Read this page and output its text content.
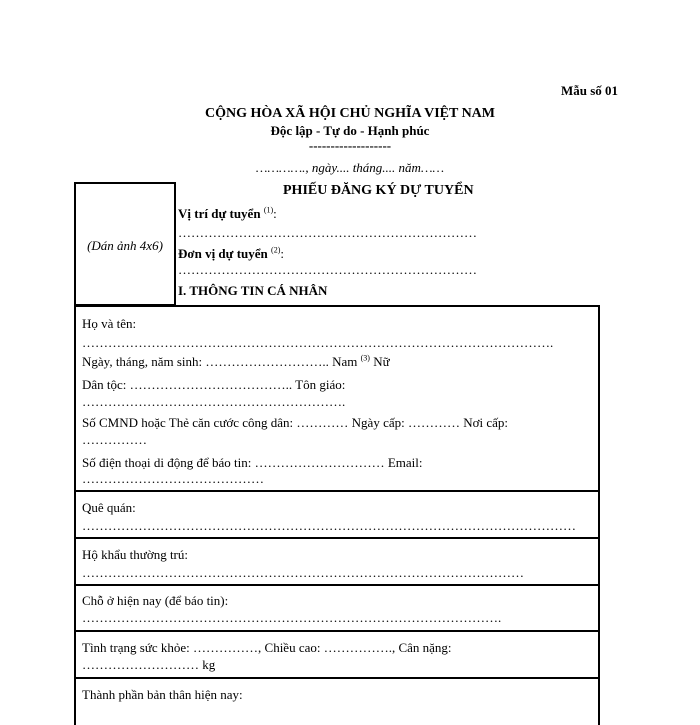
Mẫu số 01
CỘNG HÒA XÃ HỘI CHỦ NGHĨA VIỆT NAM
Độc lập - Tự do - Hạnh phúc
-------------------
…………., ngày.... tháng.... năm……
PHIẾU ĐĂNG KÝ DỰ TUYỂN
(Dán ảnh 4x6)
Vị trí dự tuyển $^{(1)}$:
……………………………………………………………
Đơn vị dự tuyển $^{(2)}$:
……………………………………………………………
I. THÔNG TIN CÁ NHÂN
Họ và tên:
……………………………………………………………………………………………….
Ngày, tháng, năm sinh: ……………………….. Nam $^{(3)}$ Nữ
Dân tộc: ……………………………….. Tôn giáo:
…………………………………………………….
Số CMND hoặc Thẻ căn cước công dân: ………… Ngày cấp: ………… Nơi cấp:
……………
Số điện thoại di động để báo tin: ………………………… Email:
……………………………………
Quê quán:
……………………………………………………………………………………………………
Hộ khẩu thường trú:
…………………………………………………………………………………………
Chỗ ở hiện nay (để báo tin):
…………………………………………………………………………………….
Tình trạng sức khỏe: ……………, Chiều cao: ……………., Cân nặng:
……………………… kg
Thành phần bản thân hiện nay:
